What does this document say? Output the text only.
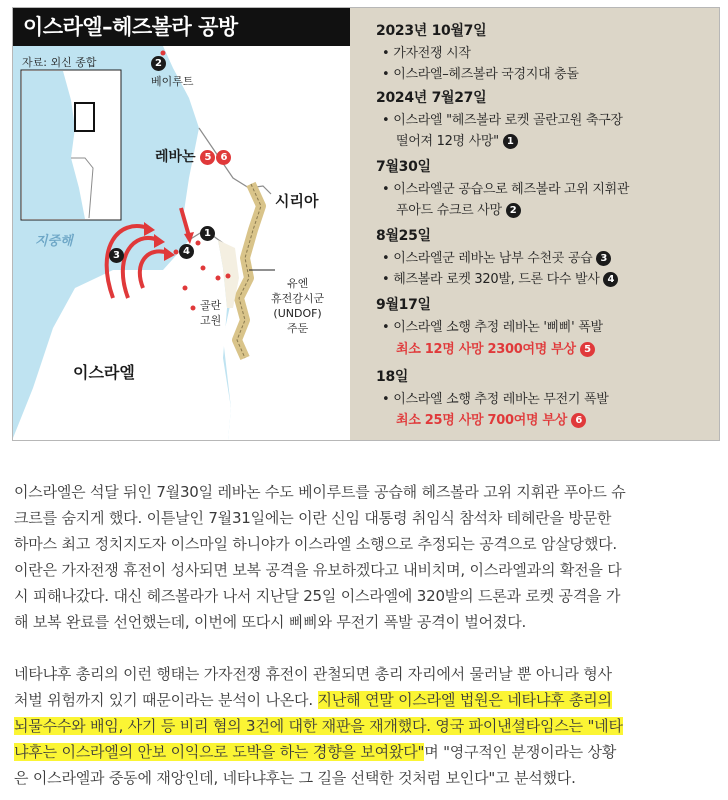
이스라엘–헤즈볼라 공방
자료: 외신 종합	2
베이루트
레바논 5 6
시리아
지중해
이스라엘
골란
고원
유엔
휴전감시군
(UNDOF)
주둔
1
3	4
2023년 10월7일
• 가자전쟁 시작
• 이스라엘–헤즈볼라 국경지대 충돌
2024년 7월27일
• 이스라엘 "헤즈볼라 로켓 골란고원 축구장
떨어져 12명 사망" 1
7월30일
• 이스라엘군 공습으로 헤즈볼라 고위 지휘관
푸아드 슈크르 사망 2
8월25일
• 이스라엘군 레바논 남부 수천곳 공습 3
• 헤즈볼라 로켓 320발, 드론 다수 발사 4
9월17일
• 이스라엘 소행 추정 레바논 '삐삐' 폭발
최소 12명 사망 2300여명 부상 5
18일
• 이스라엘 소행 추정 레바논 무전기 폭발
최소 25명 사망 700여명 부상 6
이스라엘은 석달 뒤인 7월30일 레바논 수도 베이루트를 공습해 헤즈볼라 고위 지휘관 푸아드 슈
크르를 숨지게 했다. 이튿날인 7월31일에는 이란 신임 대통령 취임식 참석차 테헤란을 방문한
하마스 최고 정치지도자 이스마일 하니야가 이스라엘 소행으로 추정되는 공격으로 암살당했다.
이란은 가자전쟁 휴전이 성사되면 보복 공격을 유보하겠다고 내비치며, 이스라엘과의 확전을 다
시 피해나갔다. 대신 헤즈볼라가 나서 지난달 25일 이스라엘에 320발의 드론과 로켓 공격을 가
해 보복 완료를 선언했는데, 이번에 또다시 삐삐와 무전기 폭발 공격이 벌어졌다.
네타냐후 총리의 이런 행태는 가자전쟁 휴전이 관철되면 총리 자리에서 물러날 뿐 아니라 형사
처벌 위험까지 있기 때문이라는 분석이 나온다. 지난해 연말 이스라엘 법원은 네타냐후 총리의
뇌물수수와 배임, 사기 등 비리 혐의 3건에 대한 재판을 재개했다. 영국 파이낸셜타임스는 "네타
냐후는 이스라엘의 안보 이익으로 도박을 하는 경향을 보여왔다"며 "영구적인 분쟁이라는 상황
은 이스라엘과 중동에 재앙인데, 네타냐후는 그 길을 선택한 것처럼 보인다"고 분석했다.
